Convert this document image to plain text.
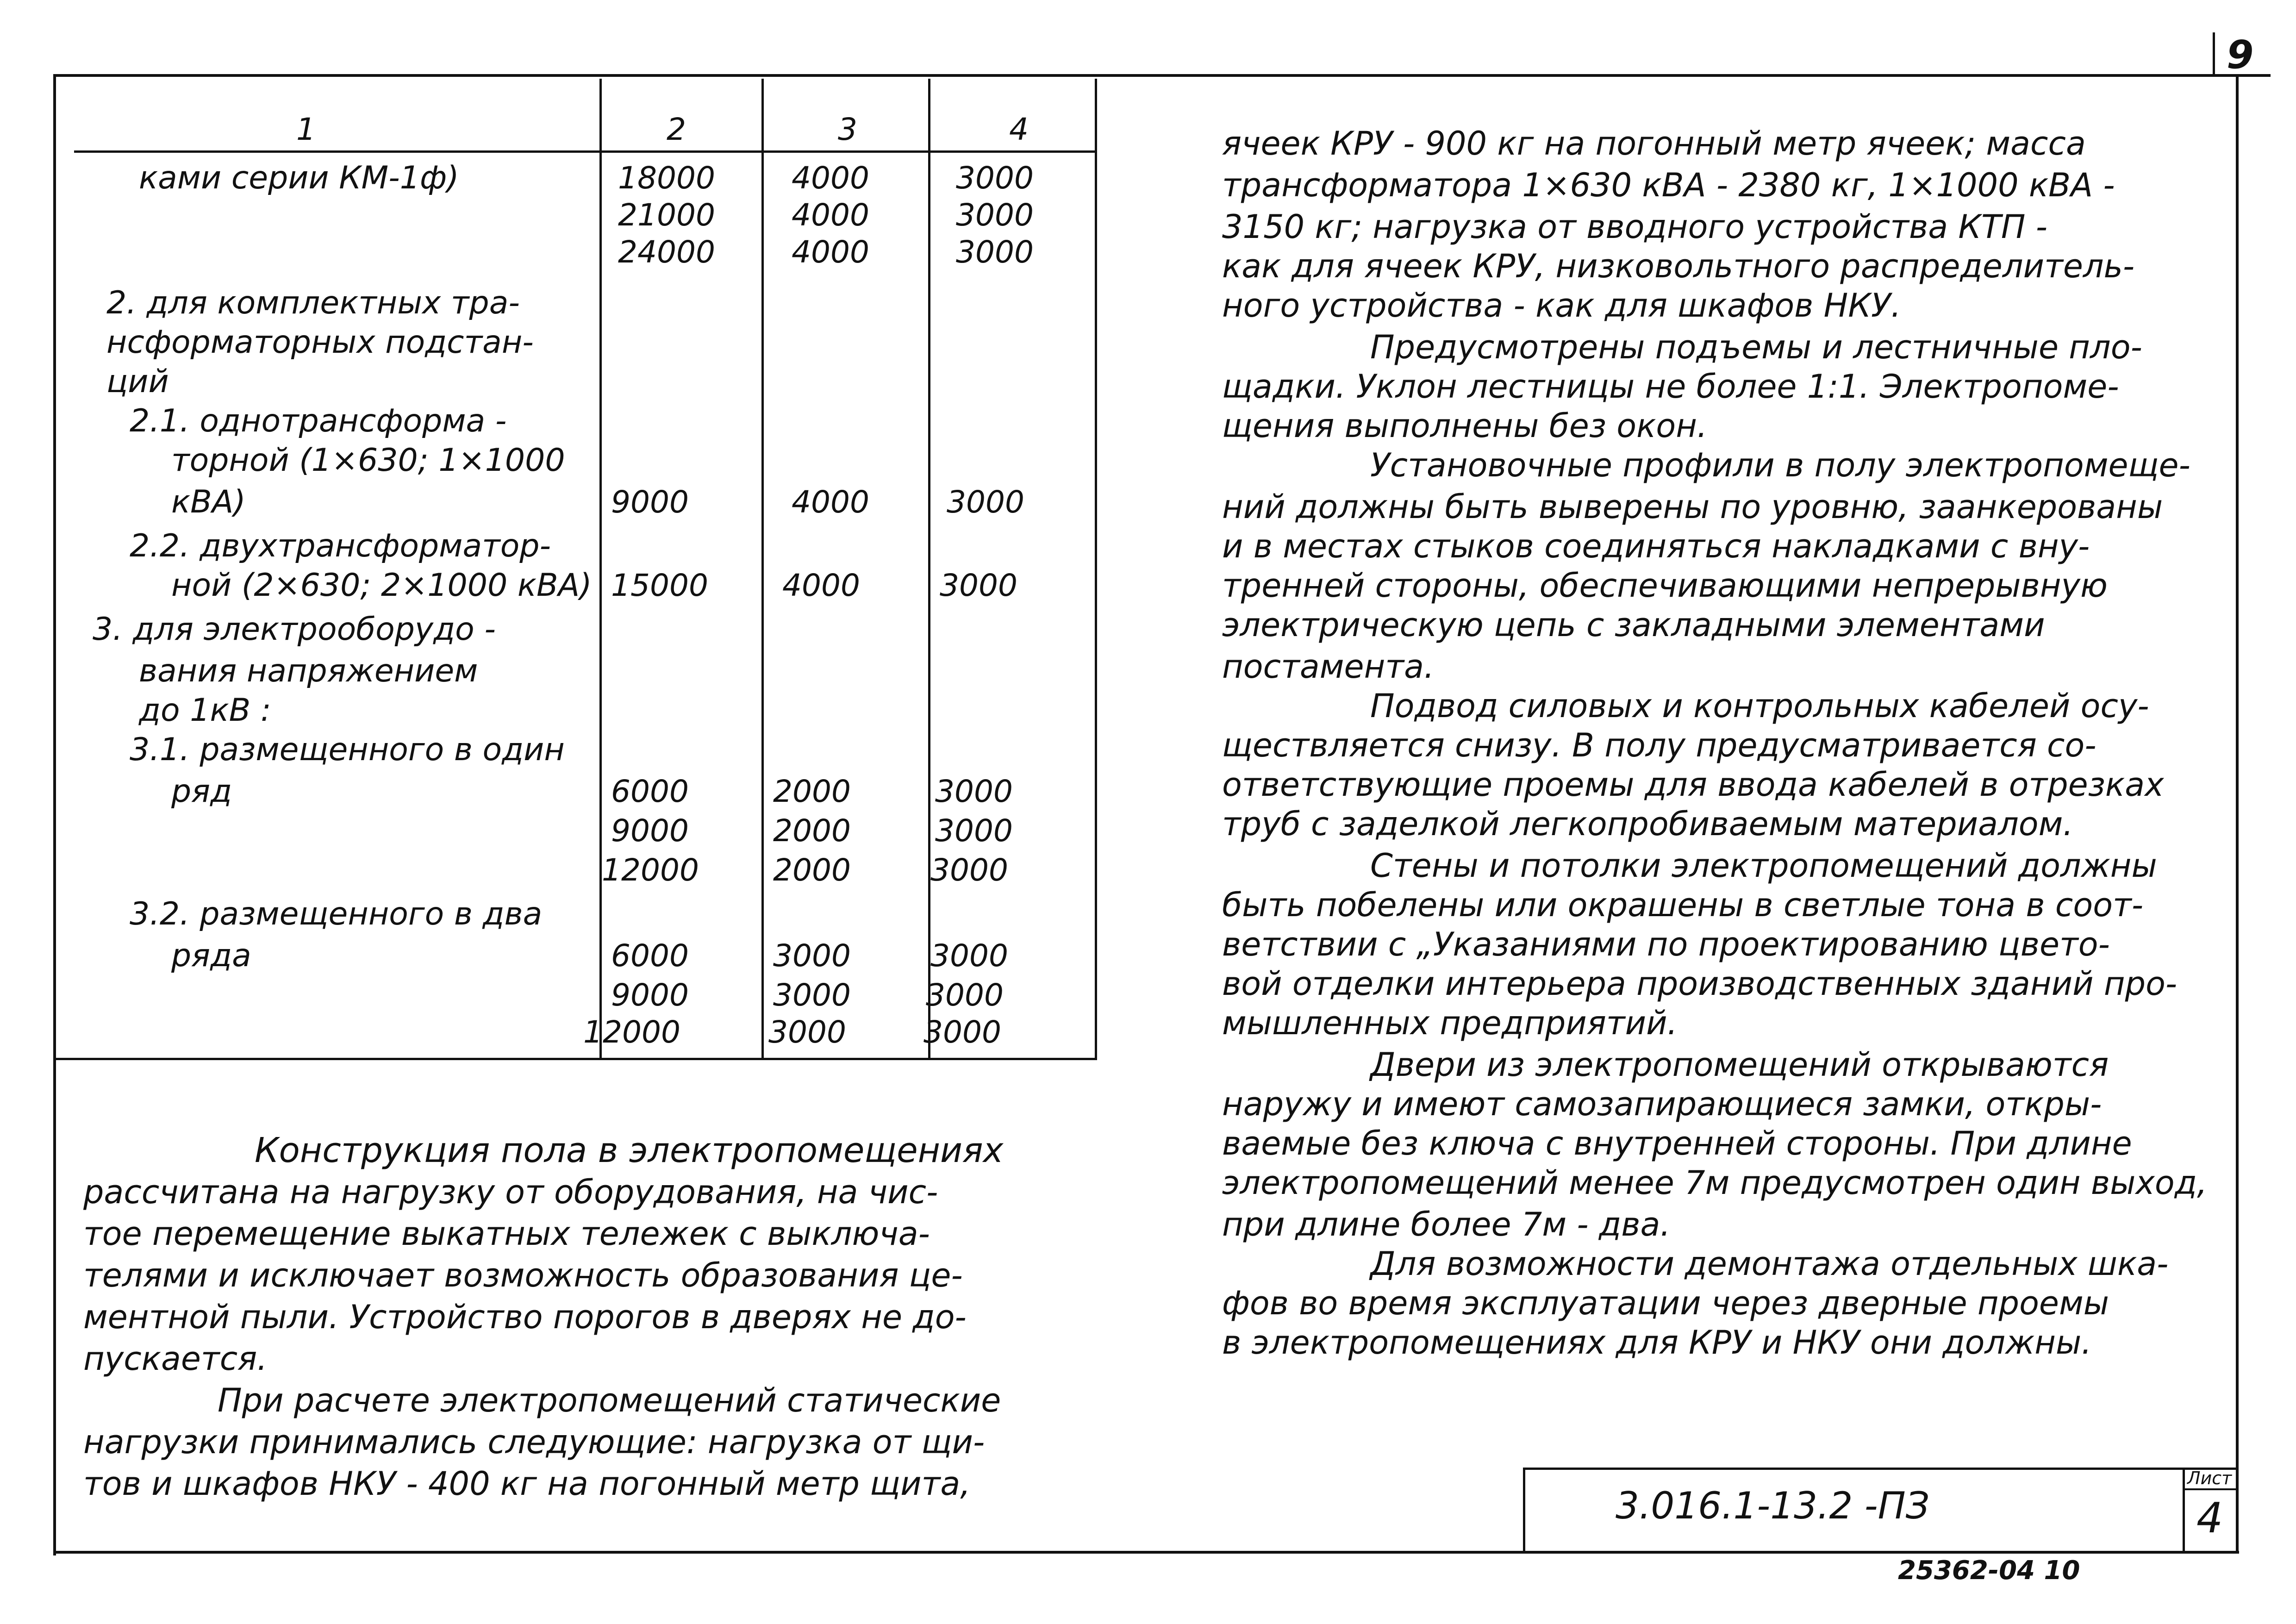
9
1	2	3	4
ками серии КМ-1ф)	18000	4000	3000
21000	4000	3000
24000	4000	3000
2. для комплектных тра-
нсформаторных подстан-
ций
2.1. однотрансформа -
торной (1×630; 1×1000
кВА)	9000	4000	3000
2.2. двухтрансформатор-
ной (2×630; 2×1000 кВА) 15000 4000	3000
3. для электрооборудо -
вания напряжением
до 1кВ :
3.1. размещенного в один
ряд	6000	2000	3000
9000	2000	3000
12000 2000	3000
3.2. размещенного в два
ряда	6000	3000	3000
9000	3000 3000
12000	3000	3000
Конструкция пола в электропомещениях
рассчитана на нагрузку от оборудования, на чис-
тое перемещение выкатных тележек с выключа-
телями и исключает возможность образования це-
ментной пыли. Устройство порогов в дверях не до-
пускается.
При расчете электропомещений статические
нагрузки принимались следующие: нагрузка от щи-
тов и шкафов НКУ - 400 кг на погонный метр щита,
ячеек КРУ - 900 кг на погонный метр ячеек; масса
трансформатора 1×630 кВА - 2380 кг, 1×1000 кВА -
3150 кг; нагрузка от вводного устройства КТП -
как для ячеек КРУ, низковольтного распределитель-
ного устройства - как для шкафов НКУ.
Предусмотрены подъемы и лестничные пло-
щадки. Уклон лестницы не более 1:1. Электропоме-
щения выполнены без окон.
Установочные профили в полу электропомеще-
ний должны быть выверены по уровню, заанкерованы
и в местах стыков соединяться накладками с вну-
тренней стороны, обеспечивающими непрерывную
электрическую цепь с закладными элементами
постамента.
Подвод силовых и контрольных кабелей осу-
ществляется снизу. В полу предусматривается со-
ответствующие проемы для ввода кабелей в отрезках
труб с заделкой легкопробиваемым материалом.
Стены и потолки электропомещений должны
быть побелены или окрашены в светлые тона в соот-
ветствии с „Указаниями по проектированию цвето-
вой отделки интерьера производственных зданий про-
мышленных предприятий.
Двери из электропомещений открываются
наружу и имеют самозапирающиеся замки, откры-
ваемые без ключа с внутренней стороны. При длине
электропомещений менее 7м предусмотрен один выход,
при длине более 7м - два.
Для возможности демонтажа отдельных шка-
фов во время эксплуатации через дверные проемы
в электропомещениях для КРУ и НКУ они должны.
3.016.1-13.2 -ПЗ
Лист
4
25362-04 10
